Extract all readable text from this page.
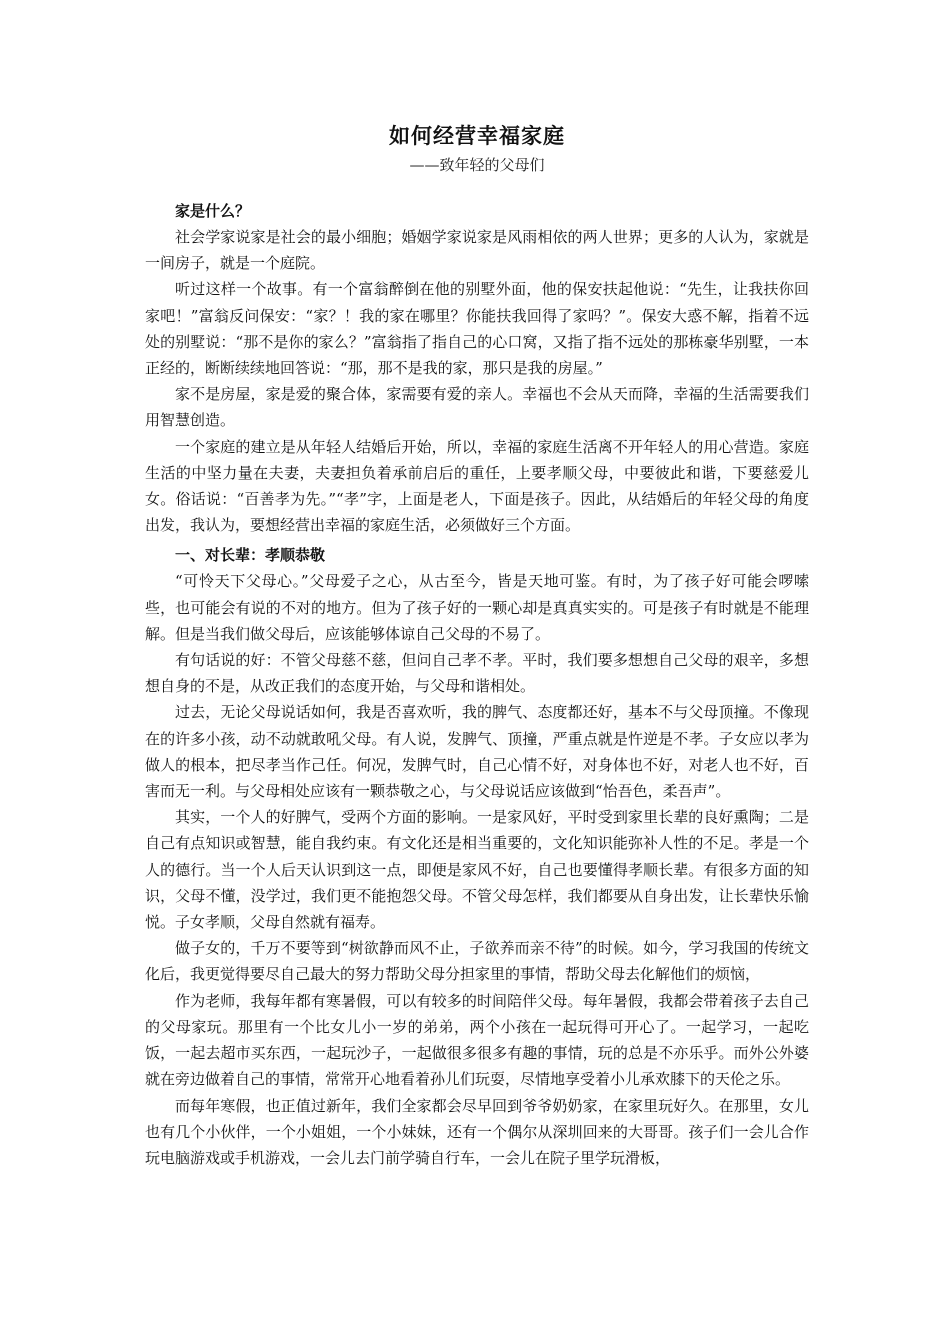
如何经营幸福家庭

——致年轻的父母们

家是什么？

社会学家说家是社会的最小细胞；婚姻学家说家是风雨相依的两人世界；更多的人认为，家就是一间房子，就是一个庭院。

听过这样一个故事。有一个富翁醉倒在他的别墅外面，他的保安扶起他说：“先生，让我扶你回家吧！”富翁反问保安：“家？！我的家在哪里？你能扶我回得了家吗？”。保安大惑不解，指着不远处的别墅说：“那不是你的家么？”富翁指了指自己的心口窝，又指了指不远处的那栋豪华别墅，一本正经的，断断续续地回答说：“那，那不是我的家，那只是我的房屋。”

家不是房屋，家是爱的聚合体，家需要有爱的亲人。幸福也不会从天而降，幸福的生活需要我们用智慧创造。

一个家庭的建立是从年轻人结婚后开始，所以，幸福的家庭生活离不开年轻人的用心营造。家庭生活的中坚力量在夫妻，夫妻担负着承前启后的重任，上要孝顺父母，中要彼此和谐，下要慈爱儿女。俗话说：“百善孝为先。”“孝”字，上面是老人，下面是孩子。因此，从结婚后的年轻父母的角度出发，我认为，要想经营出幸福的家庭生活，必须做好三个方面。

一、对长辈：孝顺恭敬

“可怜天下父母心。”父母爱子之心，从古至今，皆是天地可鉴。有时，为了孩子好可能会啰嗦些，也可能会有说的不对的地方。但为了孩子好的一颗心却是真真实实的。可是孩子有时就是不能理解。但是当我们做父母后，应该能够体谅自己父母的不易了。

有句话说的好：不管父母慈不慈，但问自己孝不孝。平时，我们要多想想自己父母的艰辛，多想想自身的不是，从改正我们的态度开始，与父母和谐相处。

过去，无论父母说话如何，我是否喜欢听，我的脾气、态度都还好，基本不与父母顶撞。不像现在的许多小孩，动不动就敢吼父母。有人说，发脾气、顶撞，严重点就是忤逆是不孝。子女应以孝为做人的根本，把尽孝当作己任。何况，发脾气时，自己心情不好，对身体也不好，对老人也不好，百害而无一利。与父母相处应该有一颗恭敬之心，与父母说话应该做到“怡吾色，柔吾声”。

其实，一个人的好脾气，受两个方面的影响。一是家风好，平时受到家里长辈的良好熏陶；二是自己有点知识或智慧，能自我约束。有文化还是相当重要的，文化知识能弥补人性的不足。孝是一个人的德行。当一个人后天认识到这一点，即便是家风不好，自己也要懂得孝顺长辈。有很多方面的知识，父母不懂，没学过，我们更不能抱怨父母。不管父母怎样，我们都要从自身出发，让长辈快乐愉悦。子女孝顺，父母自然就有福寿。

做子女的，千万不要等到“树欲静而风不止，子欲养而亲不待”的时候。如今，学习我国的传统文化后，我更觉得要尽自己最大的努力帮助父母分担家里的事情，帮助父母去化解他们的烦恼，

作为老师，我每年都有寒暑假，可以有较多的时间陪伴父母。每年暑假，我都会带着孩子去自己的父母家玩。那里有一个比女儿小一岁的弟弟，两个小孩在一起玩得可开心了。一起学习，一起吃饭，一起去超市买东西，一起玩沙子，一起做很多很多有趣的事情，玩的总是不亦乐乎。而外公外婆就在旁边做着自己的事情，常常开心地看着孙儿们玩耍，尽情地享受着小儿承欢膝下的天伦之乐。

而每年寒假，也正值过新年，我们全家都会尽早回到爷爷奶奶家，在家里玩好久。在那里，女儿也有几个小伙伴，一个小姐姐，一个小妹妹，还有一个偶尔从深圳回来的大哥哥。孩子们一会儿合作玩电脑游戏或手机游戏，一会儿去门前学骑自行车，一会儿在院子里学玩滑板，
